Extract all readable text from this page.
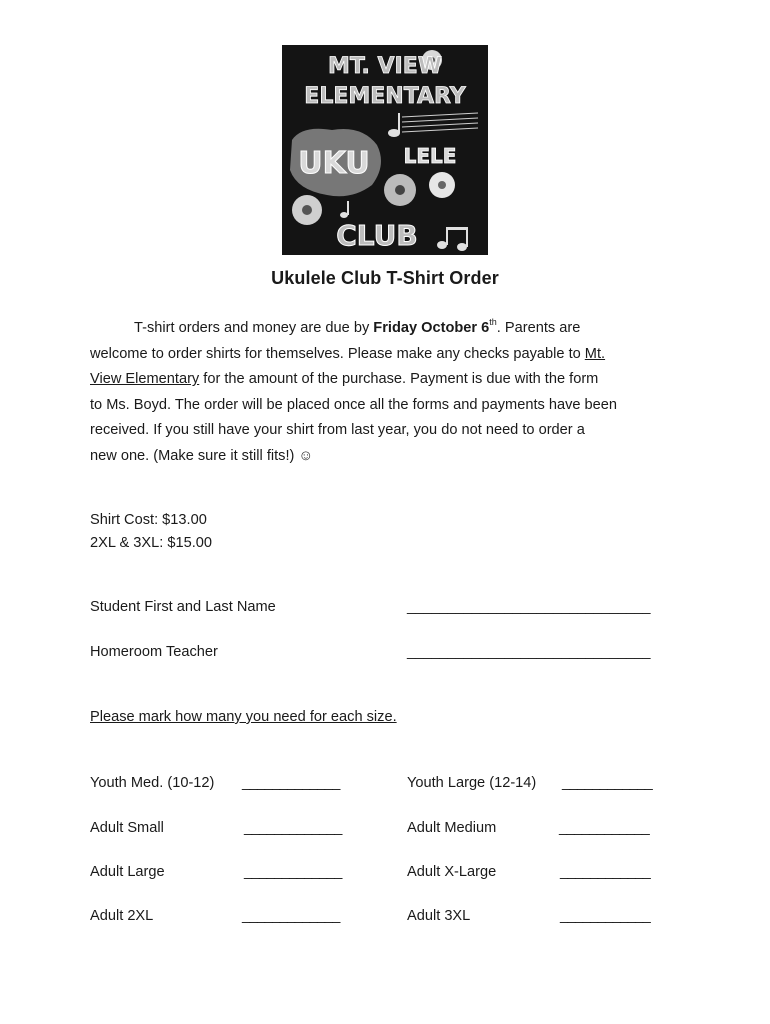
MT. VIEW
ELEMENTARY
UKU LELE
CLUB
Ukulele Club T-Shirt Order
T-shirt orders and money are due by Friday October 6th. Parents are
welcome to order shirts for themselves. Please make any checks payable to Mt.
View Elementary for the amount of the purchase. Payment is due with the form
to Ms. Boyd. The order will be placed once all the forms and payments have been
received. If you still have your shirt from last year, you do not need to order a
new one. (Make sure it still fits!) ☺
Shirt Cost: $13.00
2XL & 3XL: $15.00
Student First and Last Name	______________________________
Homeroom Teacher	______________________________
Please mark how many you need for each size.
Youth Med. (10-12) _____________	Youth Large (12-14) ____________
Adult Small	_____________	Adult Medium	____________
Adult Large	_____________	Adult X-Large	____________
Adult 2XL	_____________	Adult 3XL	____________
